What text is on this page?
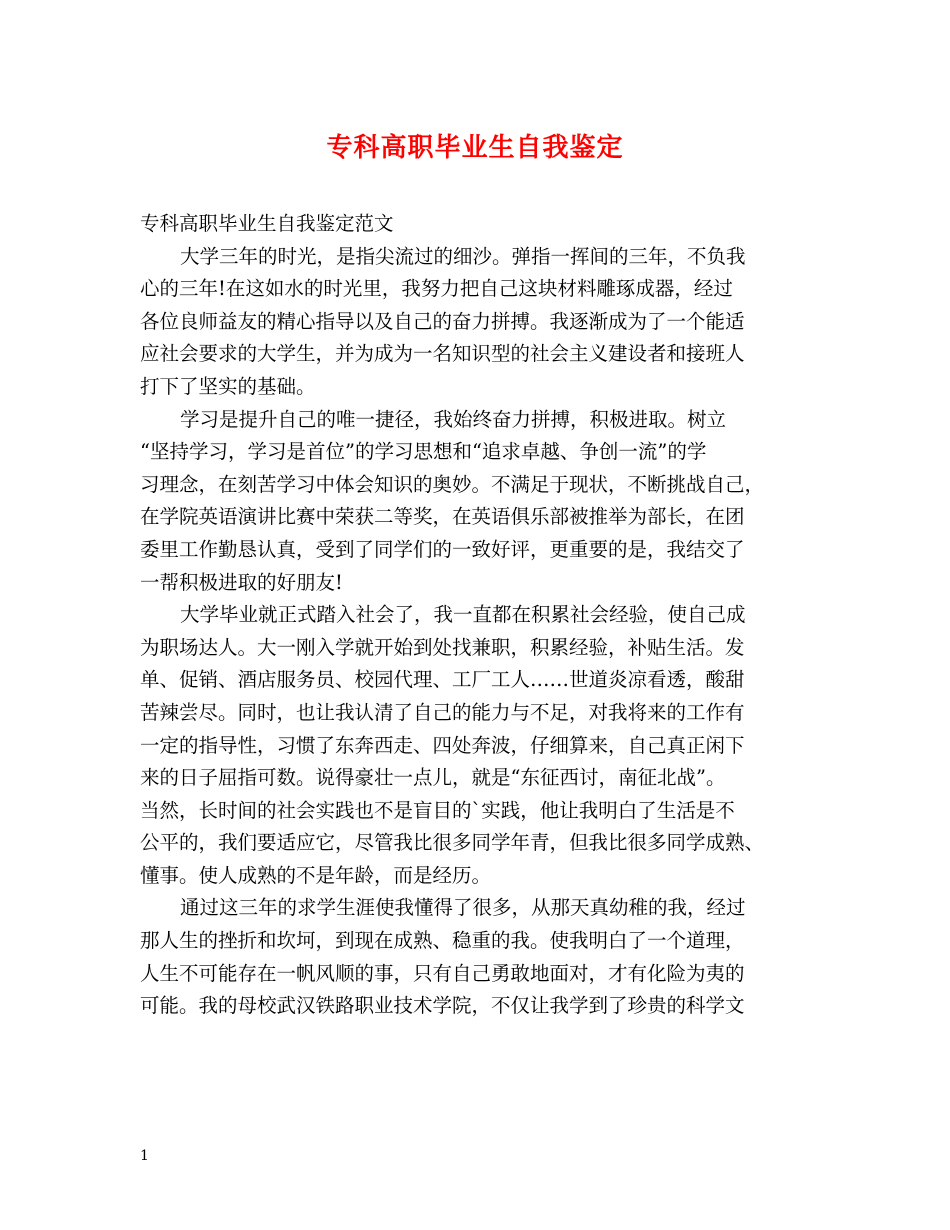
专科高职毕业生自我鉴定
专科高职毕业生自我鉴定范文
大学三年的时光，是指尖流过的细沙。弹指一挥间的三年，不负我
心的三年!在这如水的时光里，我努力把自己这块材料雕琢成器，经过
各位良师益友的精心指导以及自己的奋力拼搏。我逐渐成为了一个能适
应社会要求的大学生，并为成为一名知识型的社会主义建设者和接班人
打下了坚实的基础。
学习是提升自己的唯一捷径，我始终奋力拼搏，积极进取。树立
“坚持学习，学习是首位”的学习思想和“追求卓越、争创一流”的学
习理念，在刻苦学习中体会知识的奥妙。不满足于现状，不断挑战自己，
在学院英语演讲比赛中荣获二等奖，在英语俱乐部被推举为部长，在团
委里工作勤恳认真，受到了同学们的一致好评，更重要的是，我结交了
一帮积极进取的好朋友!
大学毕业就正式踏入社会了，我一直都在积累社会经验，使自己成
为职场达人。大一刚入学就开始到处找兼职，积累经验，补贴生活。发
单、促销、酒店服务员、校园代理、工厂工人……世道炎凉看透，酸甜
苦辣尝尽。同时，也让我认清了自己的能力与不足，对我将来的工作有
一定的指导性，习惯了东奔西走、四处奔波，仔细算来，自己真正闲下
来的日子屈指可数。说得豪壮一点儿，就是“东征西讨，南征北战”。
当然，长时间的社会实践也不是盲目的`实践，他让我明白了生活是不
公平的，我们要适应它，尽管我比很多同学年青，但我比很多同学成熟、
懂事。使人成熟的不是年龄，而是经历。
通过这三年的求学生涯使我懂得了很多，从那天真幼稚的我，经过
那人生的挫折和坎坷，到现在成熟、稳重的我。使我明白了一个道理，
人生不可能存在一帆风顺的事，只有自己勇敢地面对，才有化险为夷的
可能。我的母校武汉铁路职业技术学院，不仅让我学到了珍贵的科学文
1
